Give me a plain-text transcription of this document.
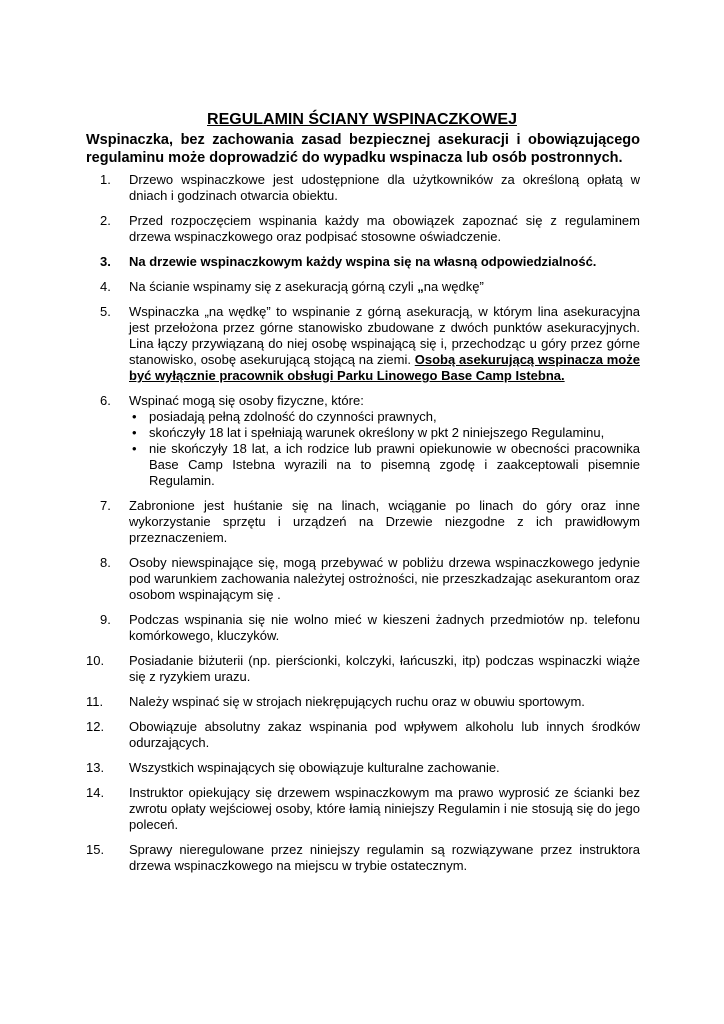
REGULAMIN ŚCIANY WSPINACZKOWEJ
Wspinaczka, bez zachowania zasad bezpiecznej asekuracji i obowiązującego regulaminu może doprowadzić do wypadku wspinacza lub osób postronnych.
1. Drzewo wspinaczkowe jest udostępnione dla użytkowników za określoną opłatą w dniach i godzinach otwarcia obiektu.
2. Przed rozpoczęciem wspinania każdy ma obowiązek zapoznać się z regulaminem drzewa wspinaczkowego oraz podpisać stosowne oświadczenie.
3. Na drzewie wspinaczkowym każdy wspina się na własną odpowiedzialność.
4. Na ścianie wspinamy się z asekuracją górną czyli „na wędkę”
5. Wspinaczka „na wędkę” to wspinanie z górną asekuracją, w którym lina asekuracyjna jest przełożona przez górne stanowisko zbudowane z dwóch punktów asekuracyjnych. Lina łączy przywiązaną do niej osobę wspinającą się i, przechodząc u góry przez górne stanowisko, osobę asekurującą stojącą na ziemi. Osobą asekurującą wspinacza może być wyłącznie pracownik obsługi Parku Linowego Base Camp Istebna.
6. Wspinać mogą się osoby fizyczne, które:
• posiadają pełną zdolność do czynności prawnych,
• skończyły 18 lat i spełniają warunek określony w pkt 2 niniejszego Regulaminu,
• nie skończyły 18 lat, a ich rodzice lub prawni opiekunowie w obecności pracownika Base Camp Istebna wyrazili na to pisemną zgodę i zaakceptowali pisemnie Regulamin.
7. Zabronione jest huśtanie się na linach, wciąganie po linach do góry oraz inne wykorzystanie sprzętu i urządzeń na Drzewie niezgodne z ich prawidłowym przeznaczeniem.
8. Osoby niewspinające się, mogą przebywać w pobliżu drzewa wspinaczkowego jedynie pod warunkiem zachowania należytej ostrożności, nie przeszkadzając asekurantom oraz osobom wspinającym się .
9. Podczas wspinania się nie wolno mieć w kieszeni żadnych przedmiotów np. telefonu komórkowego, kluczyków.
10. Posiadanie biżuterii (np. pierścionki, kolczyki, łańcuszki, itp) podczas wspinaczki wiąże się z ryzykiem urazu.
11. Należy wspinać się w strojach niekrępujących ruchu oraz w obuwiu sportowym.
12. Obowiązuje absolutny zakaz wspinania pod wpływem alkoholu lub innych środków odurzających.
13. Wszystkich wspinających się obowiązuje kulturalne zachowanie.
14. Instruktor opiekujący się drzewem wspinaczkowym ma prawo wyprosić ze ścianki bez zwrotu opłaty wejściowej osoby, które łamią niniejszy Regulamin i nie stosują się do jego poleceń.
15. Sprawy nieregulowane przez niniejszy regulamin są rozwiązywane przez instruktora drzewa wspinaczkowego na miejscu w trybie ostatecznym.
